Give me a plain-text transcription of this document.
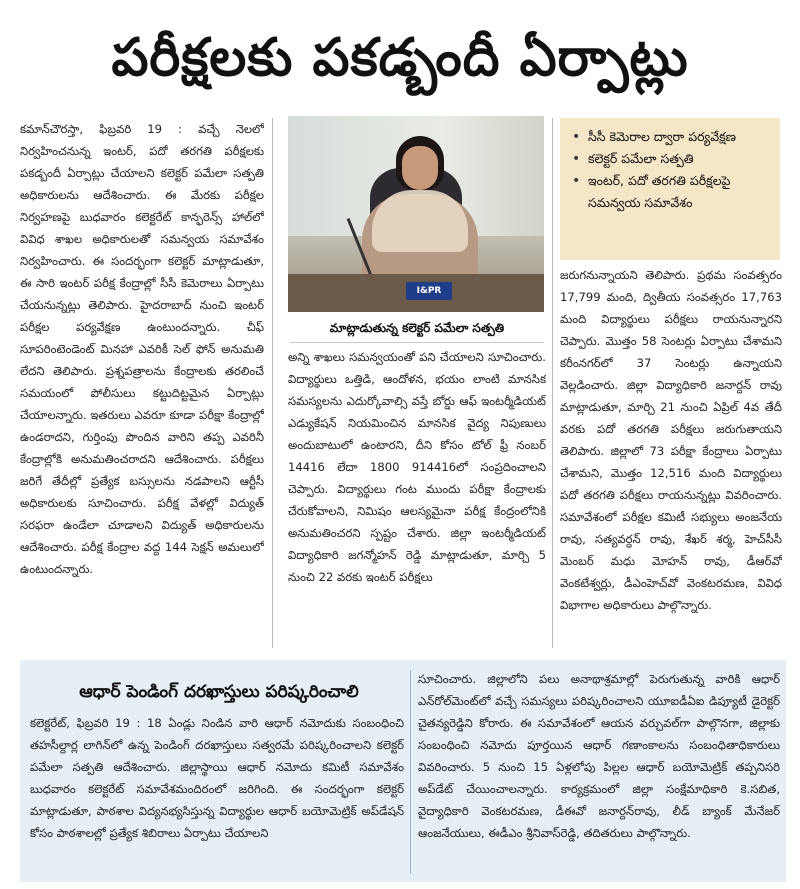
పరీక్షలకు పకడ్బందీ ఏర్పాట్లు
కమాన్‌చౌరస్తా, ఫిబ్రవరి 19 : వచ్చే నెలలో నిర్వహించనున్న ఇంటర్, పదో తరగతి పరీక్షలకు పకడ్బందీ ఏర్పాట్లు చేయాలని కలెక్టర్ పమేలా సత్పతి అధికారులను ఆదేశించారు. ఈ మేరకు పరీక్షల నిర్వహణపై బుధవారం కలెక్టరేట్ కాన్ఫరెన్స్ హాల్‌లో వివిధ శాఖల అధికారులతో సమన్వయ సమావేశం నిర్వహించారు. ఈ సందర్భంగా కలెక్టర్ మాట్లాడుతూ, ఈ సారి ఇంటర్ పరీక్ష కేంద్రాల్లో సీసీ కెమెరాలు ఏర్పాటు చేయనున్నట్లు తెలిపారు. హైదరాబాద్ నుంచి ఇంటర్ పరీక్షల పర్యవేక్షణ ఉంటుందన్నారు. చీఫ్ సూపరింటెండెంట్ మినహా ఎవరికీ సెల్ ఫోన్ అనుమతి లేదని తెలిపారు. ప్రశ్నపత్రాలను కేంద్రాలకు తరలించే సమయంలో పోలీసులు కట్టుదిట్టమైన ఏర్పాట్లు చేయాలన్నారు. ఇతరులు ఎవరూ కూడా పరీక్షా కేంద్రాల్లో ఉండరాదని, గుర్తింపు పొందిన వారిని తప్ప ఎవరినీ కేంద్రాల్లోకి అనుమతించరాదని ఆదేశించారు. పరీక్షలు జరిగే తేదీల్లో ప్రత్యేక బస్సులను నడపాలని ఆర్టీసీ అధికారులకు సూచించారు. పరీక్ష వేళల్లో విద్యుత్ సరఫరా ఉండేలా చూడాలని విద్యుత్ అధికారులను ఆదేశించారు. పరీక్ష కేంద్రాల వద్ద 144 సెక్షన్ అమలులో ఉంటుందన్నారు.
I&PR
మాట్లాడుతున్న కలెక్టర్ పమేలా సత్పతి
అన్ని శాఖలు సమన్వయంతో పని చేయాలని సూచించారు. విద్యార్థులు ఒత్తిడి, ఆందోళన, భయం లాంటి మానసిక సమస్యలను ఎదుర్కోవాల్సి వస్తే బోర్డు ఆఫ్ ఇంటర్మీడియట్ ఎడ్యుకేషన్ నియమించిన మానసిక వైద్య నిపుణులు అందుబాటులో ఉంటారని, దీని కోసం టోల్ ఫ్రీ నంబర్ 14416 లేదా 1800 914416లో సంప్రదించాలని చెప్పారు. విద్యార్థులు గంట ముందు పరీక్షా కేంద్రాలకు చేరుకోవాలని, నిమిషం ఆలస్యమైనా పరీక్ష కేంద్రంలోనికి అనుమతించరని స్పష్టం చేశారు. జిల్లా ఇంటర్మీడియట్ విద్యాధికారి జగన్మోహన్ రెడ్డి మాట్లాడుతూ, మార్చి 5 నుంచి 22 వరకు ఇంటర్ పరీక్షలు
• సీసీ కెమెరాల ద్వారా పర్యవేక్షణ
• కలెక్టర్ పమేలా సత్పతి
• ఇంటర్, పదో తరగతి పరీక్షలపై సమన్వయ సమావేశం
జరుగనున్నాయని తెలిపారు. ప్రథమ సంవత్సరం 17,799 మంది, ద్వితీయ సంవత్సరం 17,763 మంది విద్యార్థులు పరీక్షలు రాయనున్నారని చెప్పారు. మొత్తం 58 సెంటర్లు ఏర్పాటు చేశామని కరీంనగర్‌లో 37 సెంటర్లు ఉన్నాయని వెల్లడించారు. జిల్లా విద్యాధికారి జనార్దన్ రావు మాట్లాడుతూ, మార్చి 21 నుంచి ఏప్రిల్ 4వ తేదీ వరకు పదో తరగతి పరీక్షలు జరుగుతాయని తెలిపారు. జిల్లాలో 73 పరీక్షా కేంద్రాలు ఏర్పాటు చేశామని, మొత్తం 12,516 మంది విద్యార్థులు పదో తరగతి పరీక్షలు రాయనున్నట్లు వివరించారు. సమావేశంలో పరీక్షల కమిటీ సభ్యులు అంజనేయ రావు, సత్యవర్ధన్ రావు, శేఖర్ శర్మ, హెచ్‌సీసీ మెంబర్ మధు మోహన్ రావు, డీఆర్‌వో వెంకటేశ్వర్లు, డీఎంహెచ్‌వో వెంకటరమణ, వివిధ విభాగాల అధికారులు పాల్గొన్నారు.
ఆధార్ పెండింగ్ దరఖాస్తులు పరిష్కరించాలి
కలెక్టరేట్, ఫిబ్రవరి 19 : 18 ఏండ్లు నిండిన వారి ఆధార్ నమోదుకు సంబంధించి తహసీల్దార్ల లాగిన్‌లో ఉన్న పెండింగ్ దరఖాస్తులు సత్వరమే పరిష్కరించాలని కలెక్టర్ పమేలా సత్పతి ఆదేశించారు. జిల్లాస్థాయి ఆధార్ నమోదు కమిటీ సమావేశం బుధవారం కలెక్టరేట్ సమావేశమందిరంలో జరిగింది. ఈ సందర్భంగా కలెక్టర్ మాట్లాడుతూ, పాఠశాల విద్యనభ్యసిస్తున్న విద్యార్థుల ఆధార్ బయోమెట్రిక్ అప్‌డేషన్ కోసం పాఠశాలల్లో ప్రత్యేక శిబిరాలు ఏర్పాటు చేయాలని
సూచించారు. జిల్లాలోని పలు అనాథాశ్రమాల్లో పెరుగుతున్న వారికి ఆధార్ ఎన్‌రోల్‌మెంట్‌లో వచ్చే సమస్యలు పరిష్కరించాలని యూఐడీఏఐ డిప్యూటీ డైరెక్టర్ చైతన్యరెడ్డిని కోరారు. ఈ సమావేశంలో ఆయన వర్చువల్‌గా పాల్గొనగా, జిల్లాకు సంబంధించి నమోదు పూర్తయిన ఆధార్ గణాంకాలను సంబంధితాధికారులు వివరించారు. 5 నుంచి 15 ఏళ్లలోపు పిల్లల ఆధార్ బయోమెట్రిక్ తప్పనిసరి అప్‌డేట్ చేయించాలన్నారు. కార్యక్రమంలో జిల్లా సంక్షేమాధికారి కె.సబిత, వైద్యాధికారి వెంకటరమణ, డీఈవో జనార్దన్‌రావు, లీడ్ బ్యాంక్ మేనేజర్ ఆంజనేయులు, ఈడీఎం శ్రీనివాస్‌రెడ్డి, తదితరులు పాల్గొన్నారు.
